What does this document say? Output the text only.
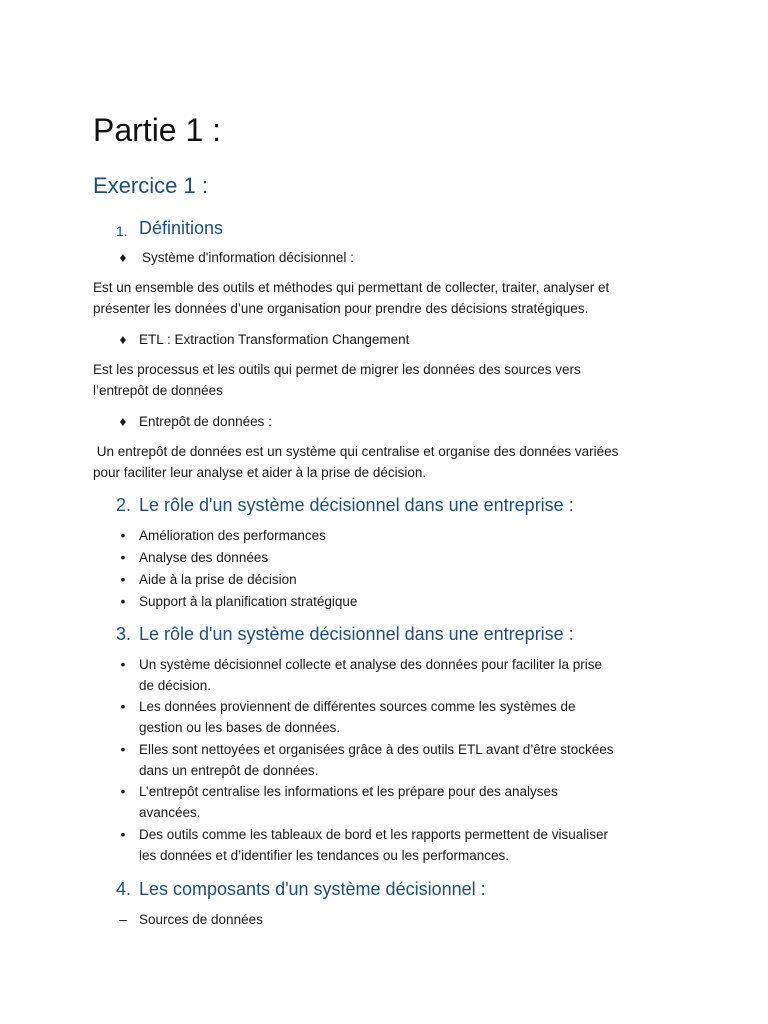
Partie 1 :
Exercice 1 :
1. Définitions
♦ Système d'information décisionnel :

Est un ensemble des outils et méthodes qui permettant de collecter, traiter, analyser et
présenter les données d’une organisation pour prendre des décisions stratégiques.

♦ ETL : Extraction Transformation Changement

Est les processus et les outils qui permet de migrer les données des sources vers
l’entrepôt de données

♦ Entrepôt de données :

Un entrepôt de données est un système qui centralise et organise des données variées
pour faciliter leur analyse et aider à la prise de décision.

2. Le rôle d'un système décisionnel dans une entreprise :
•	Amélioration des performances
•	Analyse des données
•	Aide à la prise de décision
•	Support à la planification stratégique
3. Le rôle d'un système décisionnel dans une entreprise :
•	Un système décisionnel collecte et analyse des données pour faciliter la prise
de décision.
•	Les données proviennent de différentes sources comme les systèmes de
gestion ou les bases de données.
•	Elles sont nettoyées et organisées grâce à des outils ETL avant d’être stockées
dans un entrepôt de données.
•	L’entrepôt centralise les informations et les prépare pour des analyses
avancées.
•	Des outils comme les tableaux de bord et les rapports permettent de visualiser
les données et d’identifier les tendances ou les performances.
4. Les composants d'un système décisionnel :
– Sources de données
